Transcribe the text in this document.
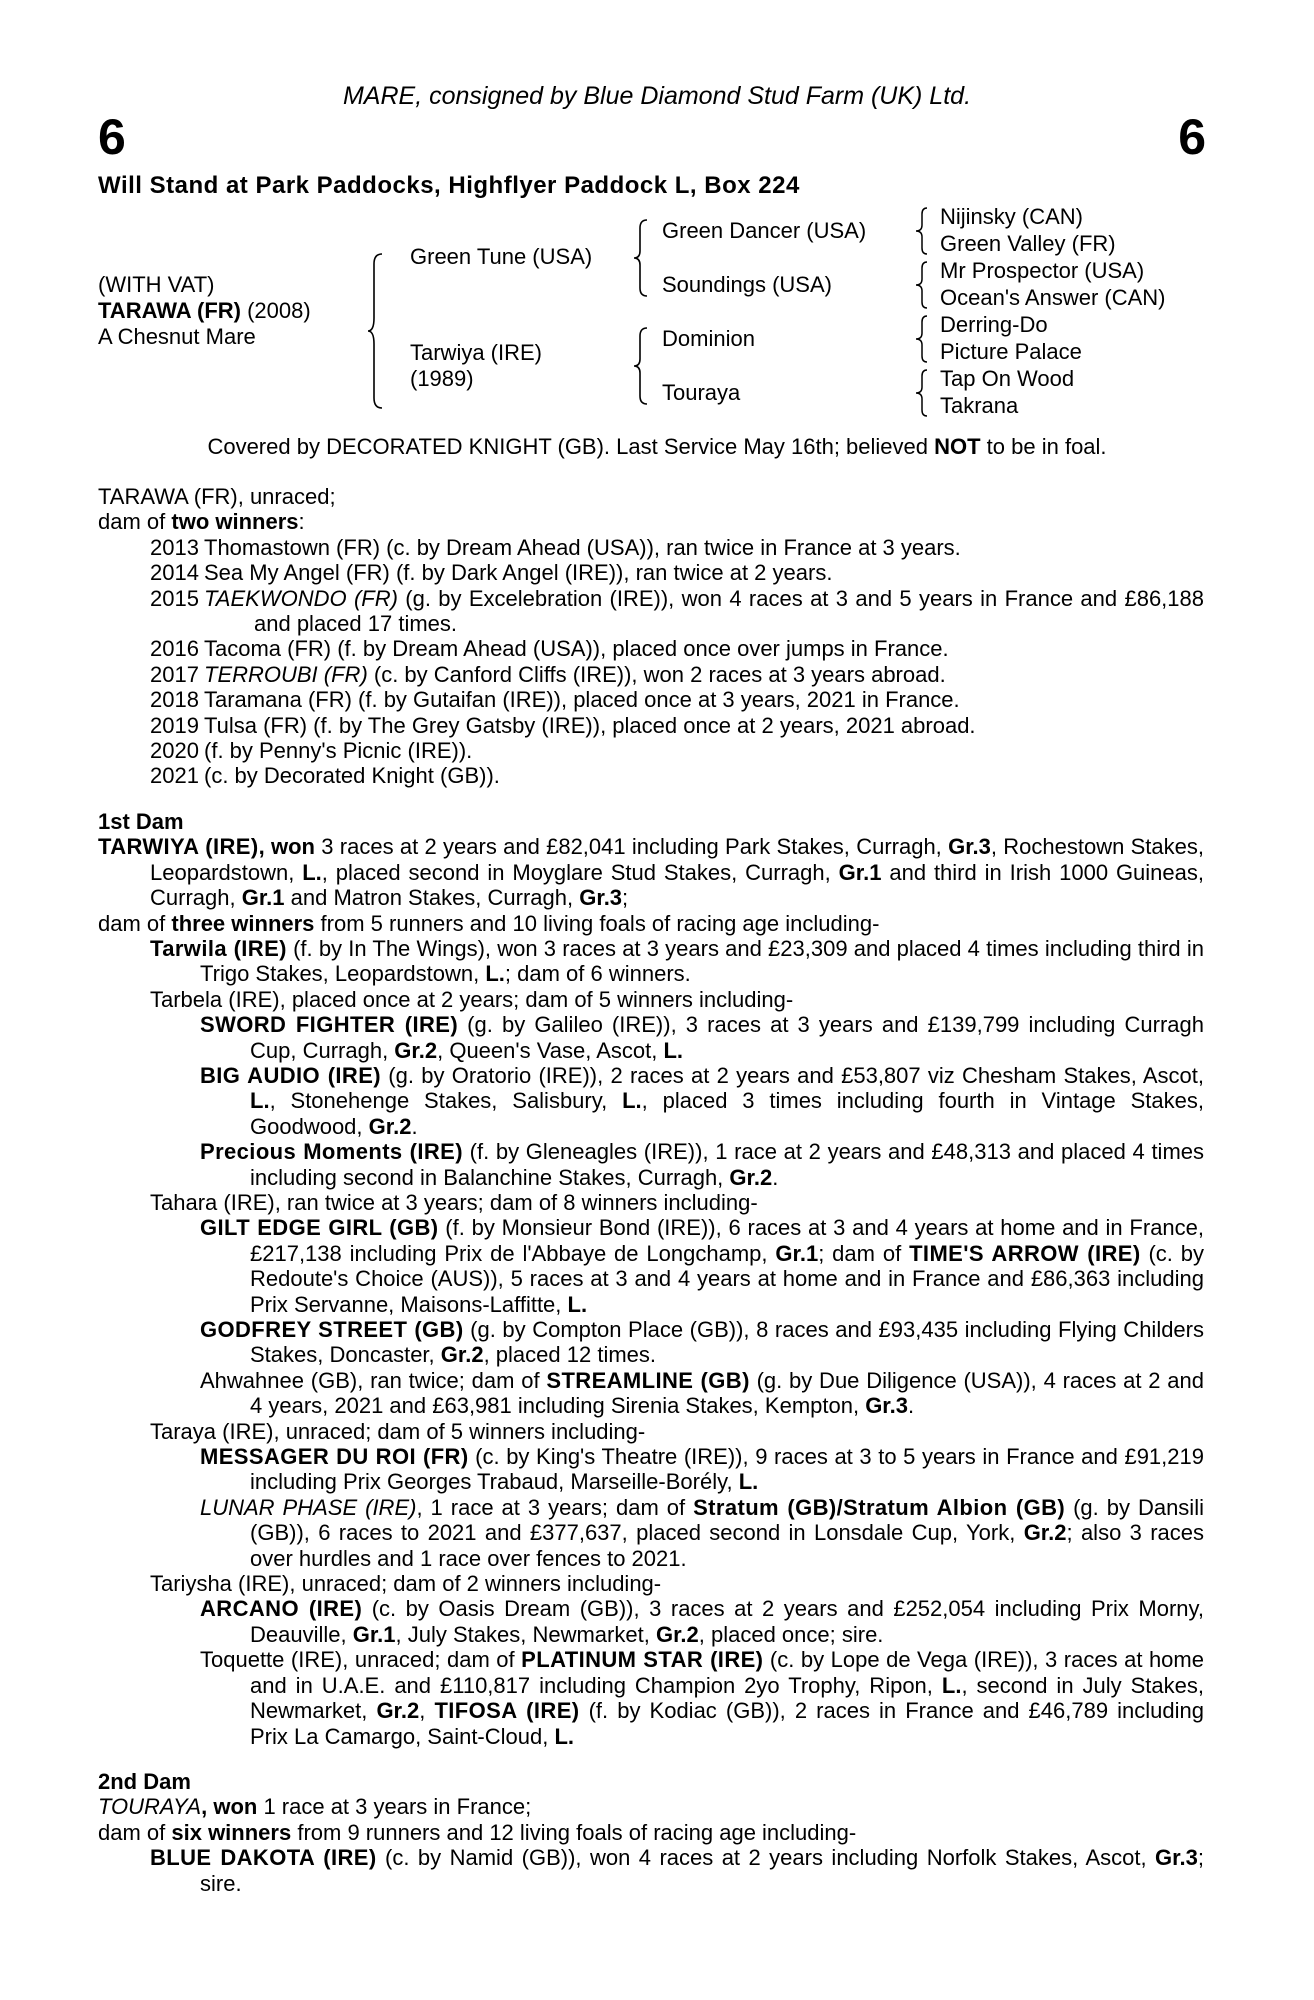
MARE, consigned by Blue Diamond Stud Farm (UK) Ltd.
6	6
Will Stand at Park Paddocks, Highflyer Paddock L, Box 224
(WITH VAT)
TARAWA (FR) (2008)
A Chesnut Mare
Green Tune (USA)
Tarwiya (IRE)
(1989)
Green Dancer (USA)
Soundings (USA)
Dominion
Touraya
Nijinsky (CAN)
Green Valley (FR)
Mr Prospector (USA)
Ocean's Answer (CAN)
Derring-Do
Picture Palace
Tap On Wood
Takrana
Covered by DECORATED KNIGHT (GB). Last Service May 16th; believed NOT to be in foal.

TARAWA (FR), unraced;

dam of two winners:

2013 Thomastown (FR) (c. by Dream Ahead (USA)), ran twice in France at 3 years.
2014 Sea My Angel (FR) (f. by Dark Angel (IRE)), ran twice at 2 years.
2015 TAEKWONDO (FR) (g. by Excelebration (IRE)), won 4 races at 3 and 5 years in France and £86,188 and placed 17 times.
2016 Tacoma (FR) (f. by Dream Ahead (USA)), placed once over jumps in France.
2017 TERROUBI (FR) (c. by Canford Cliffs (IRE)), won 2 races at 3 years abroad.
2018 Taramana (FR) (f. by Gutaifan (IRE)), placed once at 3 years, 2021 in France.
2019 Tulsa (FR) (f. by The Grey Gatsby (IRE)), placed once at 2 years, 2021 abroad.
2020 (f. by Penny's Picnic (IRE)).
2021 (c. by Decorated Knight (GB)).

1st Dam

TARWIYA (IRE), won 3 races at 2 years and £82,041 including Park Stakes, Curragh, Gr.3, Rochestown Stakes, Leopardstown, L., placed second in Moyglare Stud Stakes, Curragh, Gr.1 and third in Irish 1000 Guineas, Curragh, Gr.1 and Matron Stakes, Curragh, Gr.3;

dam of three winners from 5 runners and 10 living foals of racing age including-

Tarwila (IRE) (f. by In The Wings), won 3 races at 3 years and £23,309 and placed 4 times including third in Trigo Stakes, Leopardstown, L.; dam of 6 winners.

Tarbela (IRE), placed once at 2 years; dam of 5 winners including-

SWORD FIGHTER (IRE) (g. by Galileo (IRE)), 3 races at 3 years and £139,799 including Curragh Cup, Curragh, Gr.2, Queen's Vase, Ascot, L.

BIG AUDIO (IRE) (g. by Oratorio (IRE)), 2 races at 2 years and £53,807 viz Chesham Stakes, Ascot, L., Stonehenge Stakes, Salisbury, L., placed 3 times including fourth in Vintage Stakes, Goodwood, Gr.2.

Precious Moments (IRE) (f. by Gleneagles (IRE)), 1 race at 2 years and £48,313 and placed 4 times including second in Balanchine Stakes, Curragh, Gr.2.

Tahara (IRE), ran twice at 3 years; dam of 8 winners including-

GILT EDGE GIRL (GB) (f. by Monsieur Bond (IRE)), 6 races at 3 and 4 years at home and in France, £217,138 including Prix de l'Abbaye de Longchamp, Gr.1; dam of TIME'S ARROW (IRE) (c. by Redoute's Choice (AUS)), 5 races at 3 and 4 years at home and in France and £86,363 including Prix Servanne, Maisons-Laffitte, L.

GODFREY STREET (GB) (g. by Compton Place (GB)), 8 races and £93,435 including Flying Childers Stakes, Doncaster, Gr.2, placed 12 times.

Ahwahnee (GB), ran twice; dam of STREAMLINE (GB) (g. by Due Diligence (USA)), 4 races at 2 and 4 years, 2021 and £63,981 including Sirenia Stakes, Kempton, Gr.3.

Taraya (IRE), unraced; dam of 5 winners including-

MESSAGER DU ROI (FR) (c. by King's Theatre (IRE)), 9 races at 3 to 5 years in France and £91,219 including Prix Georges Trabaud, Marseille-Borély, L.

LUNAR PHASE (IRE), 1 race at 3 years; dam of Stratum (GB)/Stratum Albion (GB) (g. by Dansili (GB)), 6 races to 2021 and £377,637, placed second in Lonsdale Cup, York, Gr.2; also 3 races over hurdles and 1 race over fences to 2021.

Tariysha (IRE), unraced; dam of 2 winners including-

ARCANO (IRE) (c. by Oasis Dream (GB)), 3 races at 2 years and £252,054 including Prix Morny, Deauville, Gr.1, July Stakes, Newmarket, Gr.2, placed once; sire.

Toquette (IRE), unraced; dam of PLATINUM STAR (IRE) (c. by Lope de Vega (IRE)), 3 races at home and in U.A.E. and £110,817 including Champion 2yo Trophy, Ripon, L., second in July Stakes, Newmarket, Gr.2, TIFOSA (IRE) (f. by Kodiac (GB)), 2 races in France and £46,789 including Prix La Camargo, Saint-Cloud, L.

2nd Dam

TOURAYA, won 1 race at 3 years in France;

dam of six winners from 9 runners and 12 living foals of racing age including-

BLUE DAKOTA (IRE) (c. by Namid (GB)), won 4 races at 2 years including Norfolk Stakes, Ascot, Gr.3; sire.
